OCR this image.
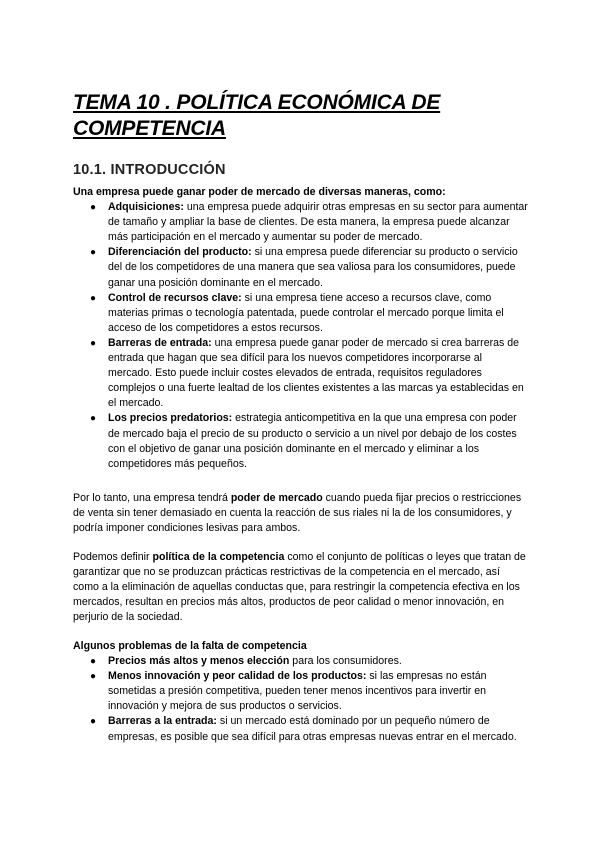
TEMA 10 . POLÍTICA ECONÓMICA DE COMPETENCIA
10.1. INTRODUCCIÓN

Una empresa puede ganar poder de mercado de diversas maneras, como:

● Adquisiciones: una empresa puede adquirir otras empresas en su sector para aumentar de tamaño y ampliar la base de clientes. De esta manera, la empresa puede alcanzar más participación en el mercado y aumentar su poder de mercado.
● Diferenciación del producto: si una empresa puede diferenciar su producto o servicio del de los competidores de una manera que sea valiosa para los consumidores, puede ganar una posición dominante en el mercado.
● Control de recursos clave: si una empresa tiene acceso a recursos clave, como materias primas o tecnología patentada, puede controlar el mercado porque limita el acceso de los competidores a estos recursos.
● Barreras de entrada: una empresa puede ganar poder de mercado si crea barreras de entrada que hagan que sea difícil para los nuevos competidores incorporarse al mercado. Esto puede incluir costes elevados de entrada, requisitos reguladores complejos o una fuerte lealtad de los clientes existentes a las marcas ya establecidas en el mercado.
● Los precios predatorios: estrategia anticompetitiva en la que una empresa con poder de mercado baja el precio de su producto o servicio a un nivel por debajo de los costes con el objetivo de ganar una posición dominante en el mercado y eliminar a los competidores más pequeños.

Por lo tanto, una empresa tendrá poder de mercado cuando pueda fijar precios o restricciones de venta sin tener demasiado en cuenta la reacción de sus riales ni la de los consumidores, y podría imponer condiciones lesivas para ambos.

Podemos definir política de la competencia como el conjunto de políticas o leyes que tratan de garantizar que no se produzcan prácticas restrictivas de la competencia en el mercado, así como a la eliminación de aquellas conductas que, para restringir la competencia efectiva en los mercados, resultan en precios más altos, productos de peor calidad o menor innovación, en perjurio de la sociedad.

Algunos problemas de la falta de competencia

● Precios más altos y menos elección para los consumidores.
● Menos innovación y peor calidad de los productos: si las empresas no están sometidas a presión competitiva, pueden tener menos incentivos para invertir en innovación y mejora de sus productos o servicios.
● Barreras a la entrada: si un mercado está dominado por un pequeño número de empresas, es posible que sea difícil para otras empresas nuevas entrar en el mercado.
